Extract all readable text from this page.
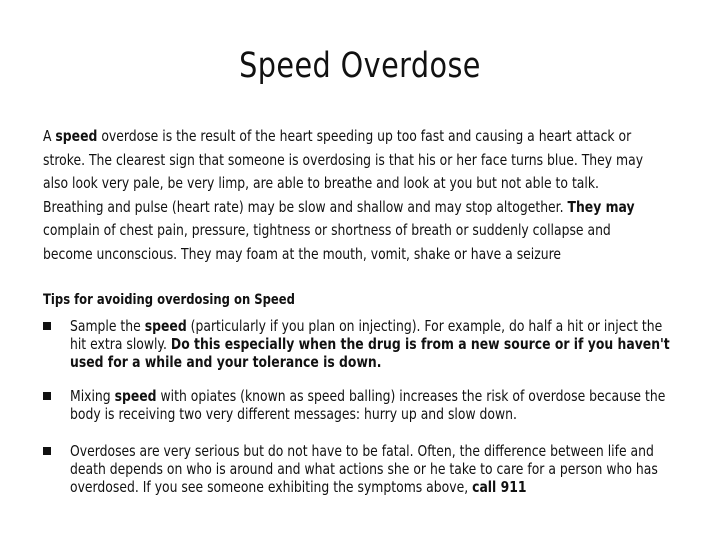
Speed Overdose
A speed overdose is the result of the heart speeding up too fast and causing a heart attack or stroke. The clearest sign that someone is overdosing is that his or her face turns blue. They may also look very pale, be very limp, are able to breathe and look at you but not able to talk. Breathing and pulse (heart rate) may be slow and shallow and may stop altogether. They may complain of chest pain, pressure, tightness or shortness of breath or suddenly collapse and become unconscious. They may foam at the mouth, vomit, shake or have a seizure
Tips for avoiding overdosing on Speed
Sample the speed (particularly if you plan on injecting). For example, do half a hit or inject the hit extra slowly. Do this especially when the drug is from a new source or if you haven't used for a while and your tolerance is down.
Mixing speed with opiates (known as speed balling) increases the risk of overdose because the body is receiving two very different messages: hurry up and slow down.
Overdoses are very serious but do not have to be fatal. Often, the difference between life and death depends on who is around and what actions she or he take to care for a person who has overdosed. If you see someone exhibiting the symptoms above, call 911
